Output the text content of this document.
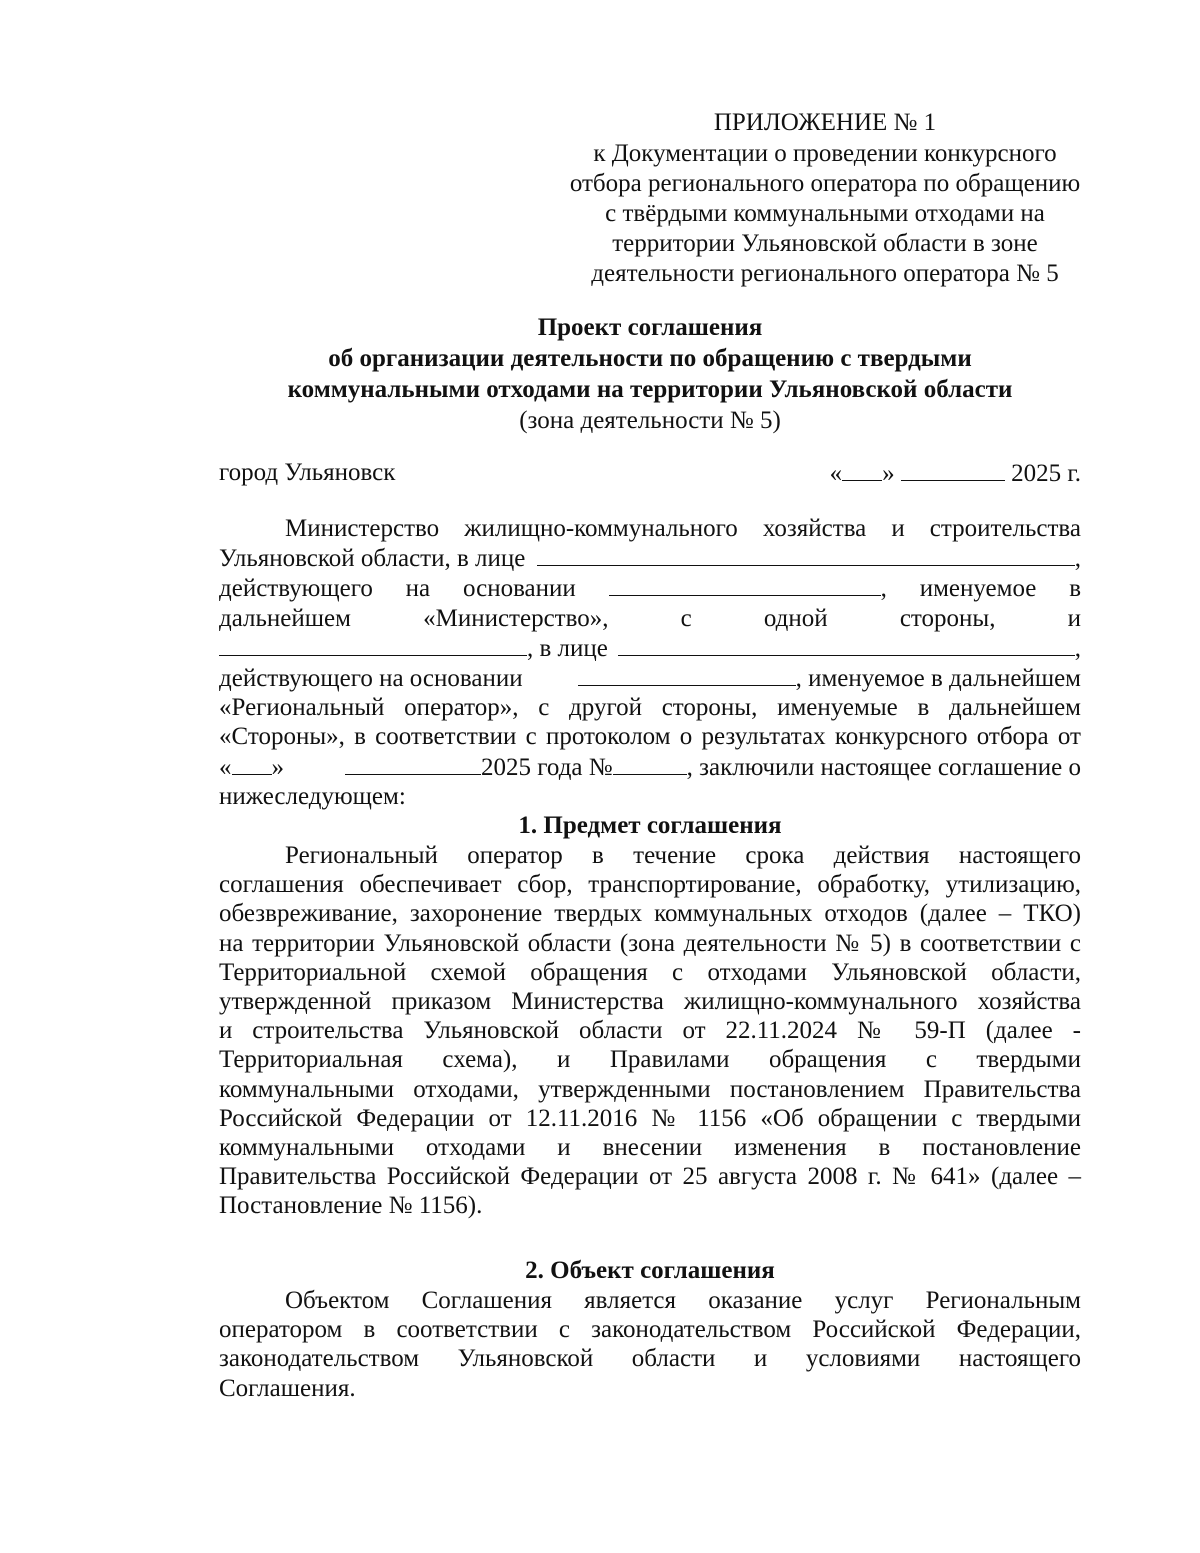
ПРИЛОЖЕНИЕ № 1
к Документации о проведении конкурсного
отбора регионального оператора по обращению
с твёрдыми коммунальными отходами на
территории Ульяновской области в зоне
деятельности регионального оператора № 5
Проект соглашения
об организации деятельности по обращению с твердыми
коммунальными отходами на территории Ульяновской области
(зона деятельности № 5)
город Ульяновск	« »	2025 г.
Министерство жилищно-коммунального хозяйства и строительства
Ульяновской области, в лице	,
действующего на основании	, именуемое в
дальнейшем	«Министерство»,	с	одной	стороны,	и
, в лице	,
действующего на основании	, именуемое в дальнейшем
«Региональный оператор», с другой стороны, именуемые в дальнейшем
«Стороны», в соответствии с протоколом о результатах конкурсного отбора от
« »	2025 года №	, заключили настоящее соглашение о
нижеследующем:
1. Предмет соглашения
Региональный оператор в течение срока действия настоящего
соглашения обеспечивает сбор, транспортирование, обработку, утилизацию,
обезвреживание, захоронение твердых коммунальных отходов (далее – ТКО)
на территории Ульяновской области (зона деятельности № 5) в соответствии с
Территориальной схемой обращения с отходами Ульяновской области,
утвержденной приказом Министерства жилищно-коммунального хозяйства
и строительства Ульяновской области от 22.11.2024 № 59-П (далее -
Территориальная схема), и Правилами обращения с твердыми
коммунальными отходами, утвержденными постановлением Правительства
Российской Федерации от 12.11.2016 № 1156 «Об обращении с твердыми
коммунальными отходами и внесении изменения в постановление
Правительства Российской Федерации от 25 августа 2008 г. № 641» (далее –
Постановление № 1156).
2. Объект соглашения
Объектом Соглашения является оказание услуг Региональным
оператором в соответствии с законодательством Российской Федерации,
законодательством Ульяновской области и условиями настоящего
Соглашения.
